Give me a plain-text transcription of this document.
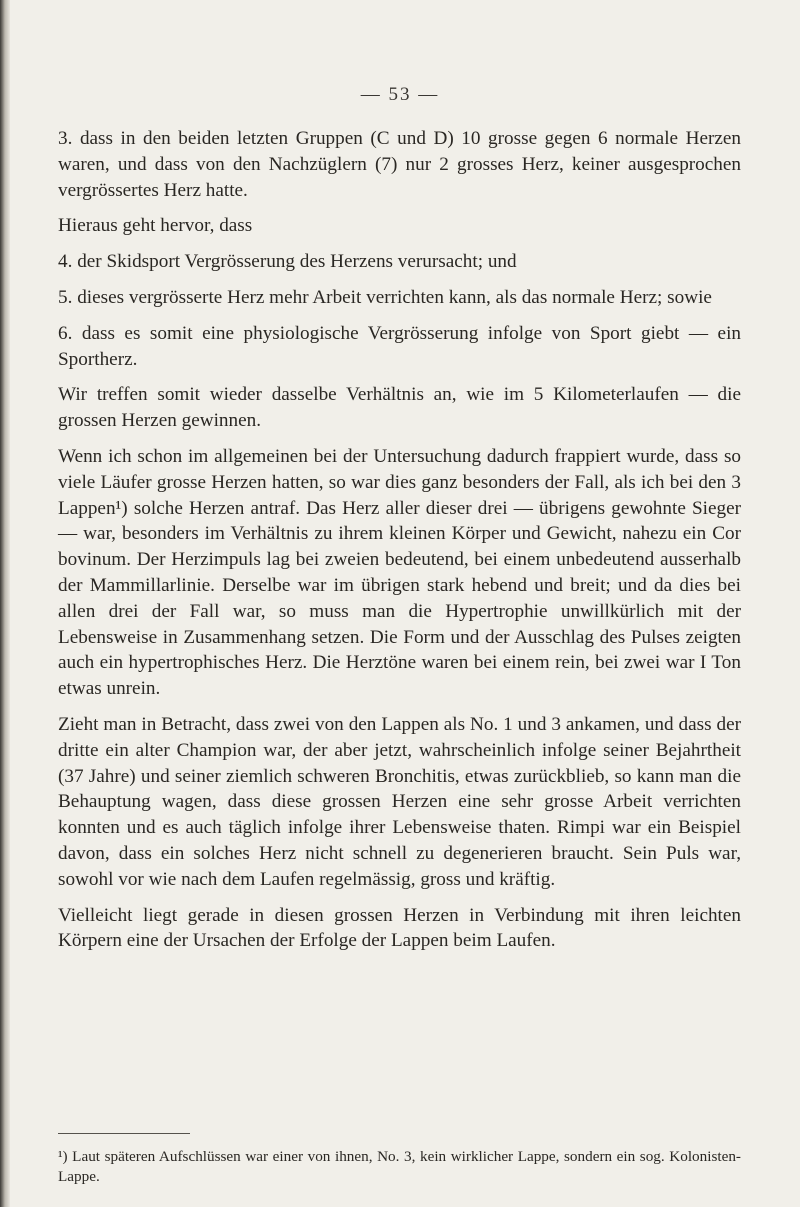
— 53 —

3. dass in den beiden letzten Gruppen (C und D) 10 grosse gegen 6 normale Herzen waren, und dass von den Nachzüglern (7) nur 2 grosses Herz, keiner ausgesprochen vergrössertes Herz hatte.

Hieraus geht hervor, dass

4. der Skidsport Vergrösserung des Herzens verursacht; und

5. dieses vergrösserte Herz mehr Arbeit verrichten kann, als das normale Herz; sowie

6. dass es somit eine physiologische Vergrösserung infolge von Sport giebt — ein Sportherz.

Wir treffen somit wieder dasselbe Verhältnis an, wie im 5 Kilometerlaufen — die grossen Herzen gewinnen.

Wenn ich schon im allgemeinen bei der Untersuchung dadurch frappiert wurde, dass so viele Läufer grosse Herzen hatten, so war dies ganz besonders der Fall, als ich bei den 3 Lappen¹) solche Herzen antraf. Das Herz aller dieser drei — übrigens gewohnte Sieger — war, besonders im Verhältnis zu ihrem kleinen Körper und Gewicht, nahezu ein Cor bovinum. Der Herzimpuls lag bei zweien bedeutend, bei einem unbedeutend ausserhalb der Mammillarlinie. Derselbe war im übrigen stark hebend und breit; und da dies bei allen drei der Fall war, so muss man die Hypertrophie unwillkürlich mit der Lebensweise in Zusammenhang setzen. Die Form und der Ausschlag des Pulses zeigten auch ein hypertrophisches Herz. Die Herztöne waren bei einem rein, bei zwei war I Ton etwas unrein.

Zieht man in Betracht, dass zwei von den Lappen als No. 1 und 3 ankamen, und dass der dritte ein alter Champion war, der aber jetzt, wahrscheinlich infolge seiner Bejahrtheit (37 Jahre) und seiner ziemlich schweren Bronchitis, etwas zurückblieb, so kann man die Behauptung wagen, dass diese grossen Herzen eine sehr grosse Arbeit verrichten konnten und es auch täglich infolge ihrer Lebensweise thaten. Rimpi war ein Beispiel davon, dass ein solches Herz nicht schnell zu degenerieren braucht. Sein Puls war, sowohl vor wie nach dem Laufen regelmässig, gross und kräftig.

Vielleicht liegt gerade in diesen grossen Herzen in Verbindung mit ihren leichten Körpern eine der Ursachen der Erfolge der Lappen beim Laufen.

¹) Laut späteren Aufschlüssen war einer von ihnen, No. 3, kein wirklicher Lappe, sondern ein sog. Kolonisten-Lappe.
